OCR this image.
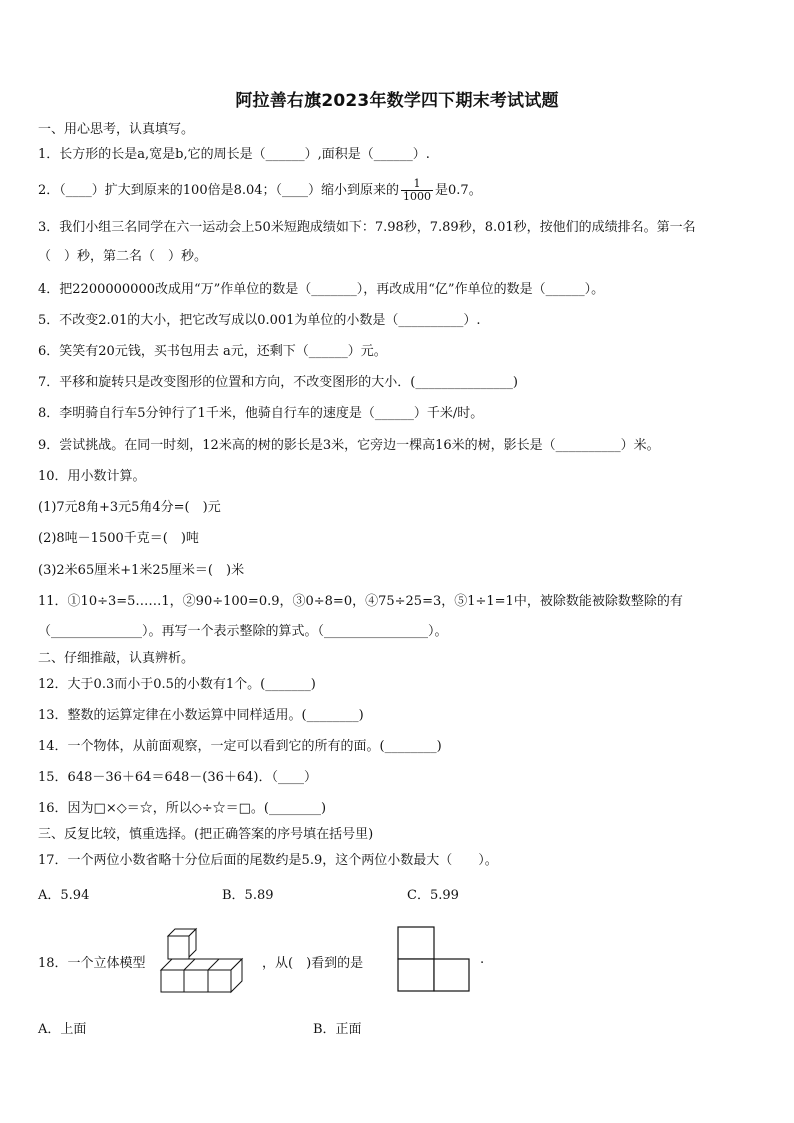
阿拉善右旗2023年数学四下期末考试试题
一、用心思考，认真填写。
1．长方形的长是a,宽是b,它的周长是（______）,面积是（______）.
2．（____）扩大到原来的100倍是8.04；（____）缩小到原来的 $\frac{1}{1000}$ 是0.7。
3．我们小组三名同学在六一运动会上50米短跑成绩如下：7.98秒，7.89秒，8.01秒，按他们的成绩排名。第一名
（　）秒，第二名（　）秒。
4．把2200000000改成用“万”作单位的数是（_______），再改成用“亿”作单位的数是（______）。
5．不改变2.01的大小，把它改写成以0.001为单位的小数是（__________）.
6．笑笑有20元钱，买书包用去 a元，还剩下（______）元。
7．平移和旋转只是改变图形的位置和方向，不改变图形的大小．(_______________)
8．李明骑自行车5分钟行了1千米，他骑自行车的速度是（______）千米/时。
9．尝试挑战。在同一时刻，12米高的树的影长是3米，它旁边一棵高16米的树，影长是（__________）米。
10．用小数计算。
(1)7元8角+3元5角4分=(　)元
(2)8吨－1500千克＝(　)吨
(3)2米65厘米+1米25厘米＝(　)米
11．①10÷3=5……1，②90÷100=0.9，③0÷8=0，④75÷25=3，⑤1÷1=1中，被除数能被除数整除的有
（______________）。再写一个表示整除的算式。（________________）。
二、仔细推敲，认真辨析。
12．大于0.3而小于0.5的小数有1个。(_______)
13．整数的运算定律在小数运算中同样适用。(________)
14．一个物体，从前面观察，一定可以看到它的所有的面。(________)
15．648－36＋64＝648－(36＋64)．（____）
16．因为□×◇＝☆，所以◇÷☆＝□。(________)
三、反复比较，慎重选择。(把正确答案的序号填在括号里)
17．一个两位小数省略十分位后面的尾数约是5.9，这个两位小数最大（　　）。
A．5.94	B．5.89	C．5.99
18．一个立体模型	，从(　)看到的是	.
A．上面	B．正面
